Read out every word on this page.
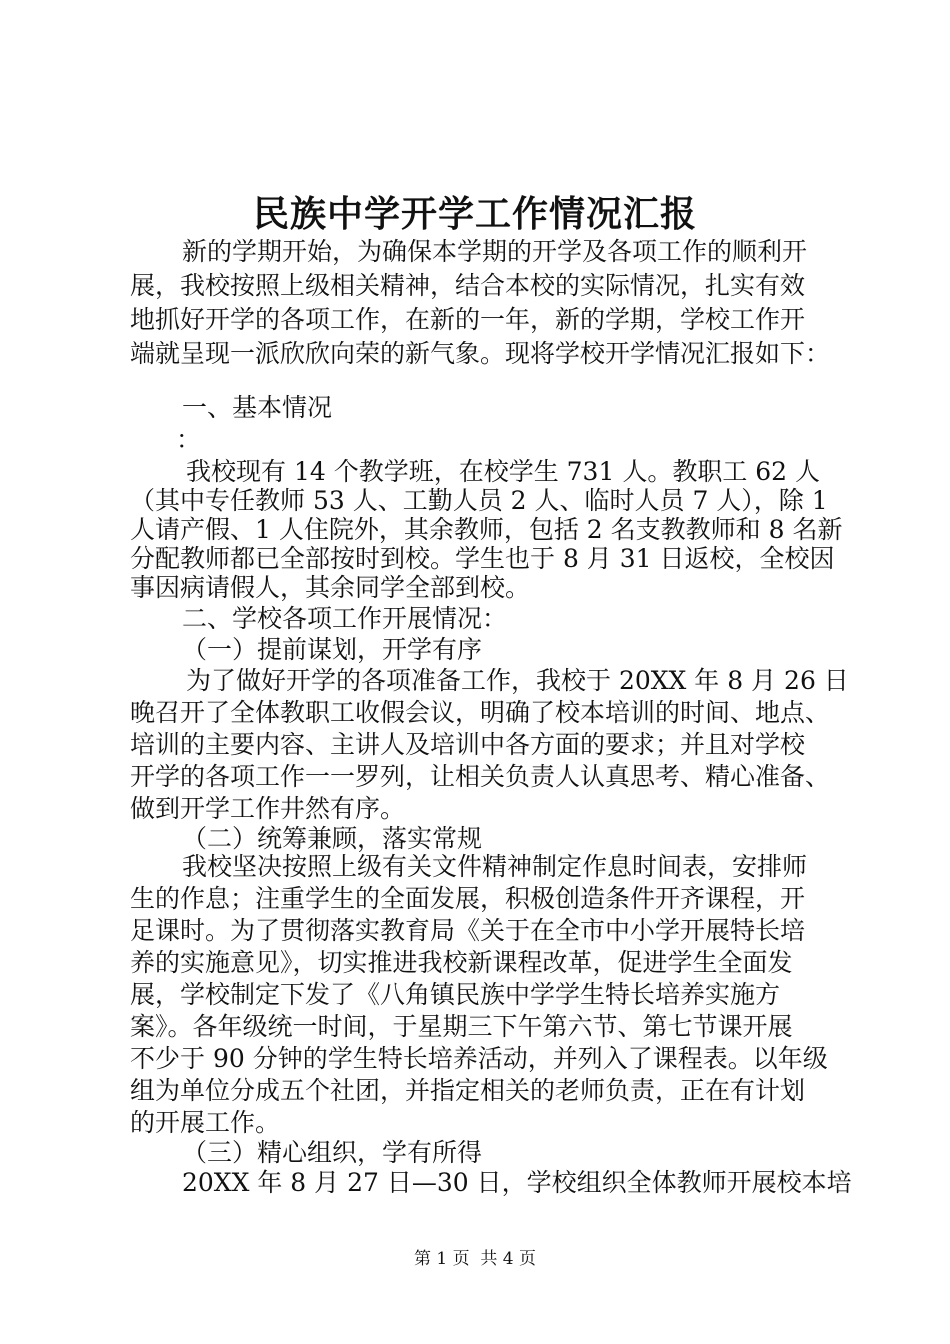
民族中学开学工作情况汇报

新的学期开始，为确保本学期的开学及各项工作的顺利开

展，我校按照上级相关精神，结合本校的实际情况，扎实有效

地抓好开学的各项工作，在新的一年，新的学期，学校工作开

端就呈现一派欣欣向荣的新气象。现将学校开学情况汇报如下：

一、基本情况

：

我校现有 14 个教学班，在校学生 731 人。教职工 62 人

（其中专任教师 53 人、工勤人员 2 人、临时人员 7 人），除 1

人请产假、1 人住院外，其余教师，包括 2 名支教教师和 8 名新

分配教师都已全部按时到校。学生也于 8 月 31 日返校，全校因

事因病请假人，其余同学全部到校。

二、学校各项工作开展情况：

（一）提前谋划，开学有序

为了做好开学的各项准备工作，我校于 20XX 年 8 月 26 日

晚召开了全体教职工收假会议，明确了校本培训的时间、地点、

培训的主要内容、主讲人及培训中各方面的要求；并且对学校

开学的各项工作一一罗列，让相关负责人认真思考、精心准备、

做到开学工作井然有序。

（二）统筹兼顾，落实常规

我校坚决按照上级有关文件精神制定作息时间表，安排师

生的作息；注重学生的全面发展，积极创造条件开齐课程，开

足课时。为了贯彻落实教育局《关于在全市中小学开展特长培

养的实施意见》，切实推进我校新课程改革，促进学生全面发

展，学校制定下发了《八角镇民族中学学生特长培养实施方

案》。各年级统一时间，于星期三下午第六节、第七节课开展

不少于 90 分钟的学生特长培养活动，并列入了课程表。以年级

组为单位分成五个社团，并指定相关的老师负责，正在有计划

的开展工作。

（三）精心组织，学有所得

20XX 年 8 月 27 日—30 日，学校组织全体教师开展校本培

第 1 页  共 4 页
